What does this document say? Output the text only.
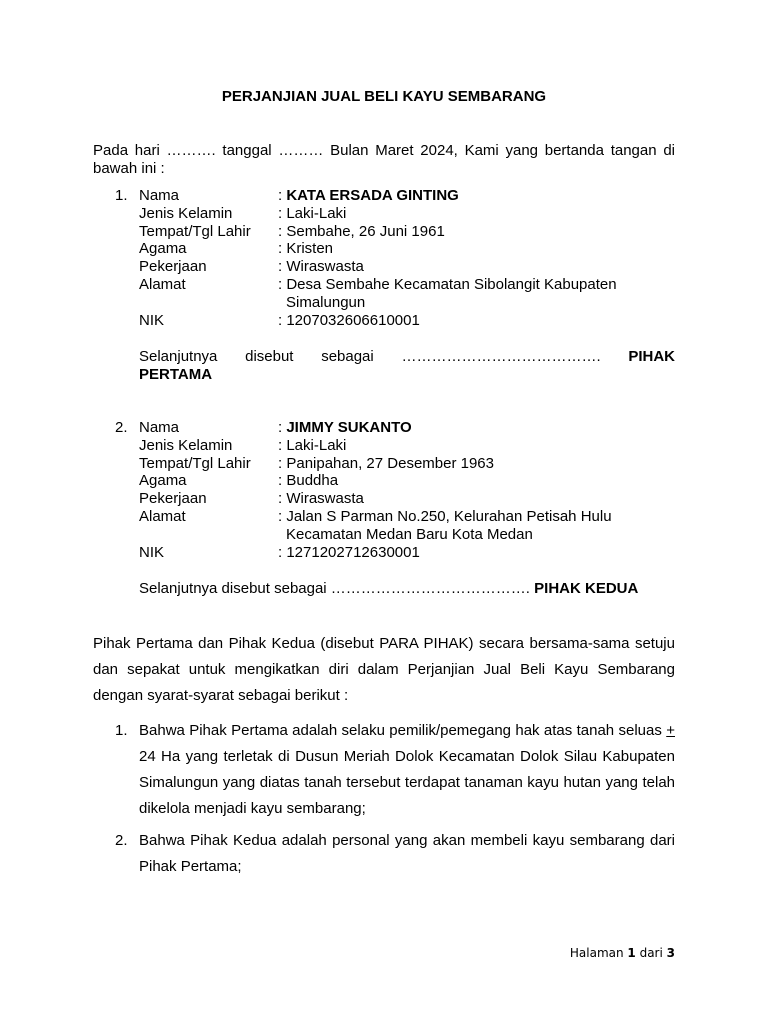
PERJANJIAN JUAL BELI KAYU SEMBARANG
Pada hari ………. tanggal ……… Bulan Maret 2024, Kami yang bertanda tangan di bawah ini :
1. Nama	: KATA ERSADA GINTING
Jenis Kelamin	: Laki-Laki
Tempat/Tgl Lahir	: Sembahe, 26 Juni 1961
Agama	: Kristen
Pekerjaan	: Wiraswasta
Alamat	: Desa Sembahe Kecamatan Sibolangit Kabupaten
Simalungun
NIK	: 1207032606610001
Selanjutnya disebut sebagai …………………………………. PIHAK
PERTAMA
2. Nama	: JIMMY SUKANTO
Jenis Kelamin	: Laki-Laki
Tempat/Tgl Lahir	: Panipahan, 27 Desember 1963
Agama	: Buddha
Pekerjaan	: Wiraswasta
Alamat	: Jalan S Parman No.250, Kelurahan Petisah Hulu
Kecamatan Medan Baru Kota Medan
NIK	: 1271202712630001
Selanjutnya disebut sebagai …………………………………. PIHAK KEDUA
Pihak Pertama dan Pihak Kedua (disebut PARA PIHAK) secara bersama-sama setuju dan sepakat untuk mengikatkan diri dalam Perjanjian Jual Beli Kayu Sembarang dengan syarat-syarat sebagai berikut :
1. Bahwa Pihak Pertama adalah selaku pemilik/pemegang hak atas tanah seluas + 24 Ha yang terletak di Dusun Meriah Dolok Kecamatan Dolok Silau Kabupaten Simalungun yang diatas tanah tersebut terdapat tanaman kayu hutan yang telah dikelola menjadi kayu sembarang;
2. Bahwa Pihak Kedua adalah personal yang akan membeli kayu sembarang dari Pihak Pertama;
Halaman 1 dari 3
